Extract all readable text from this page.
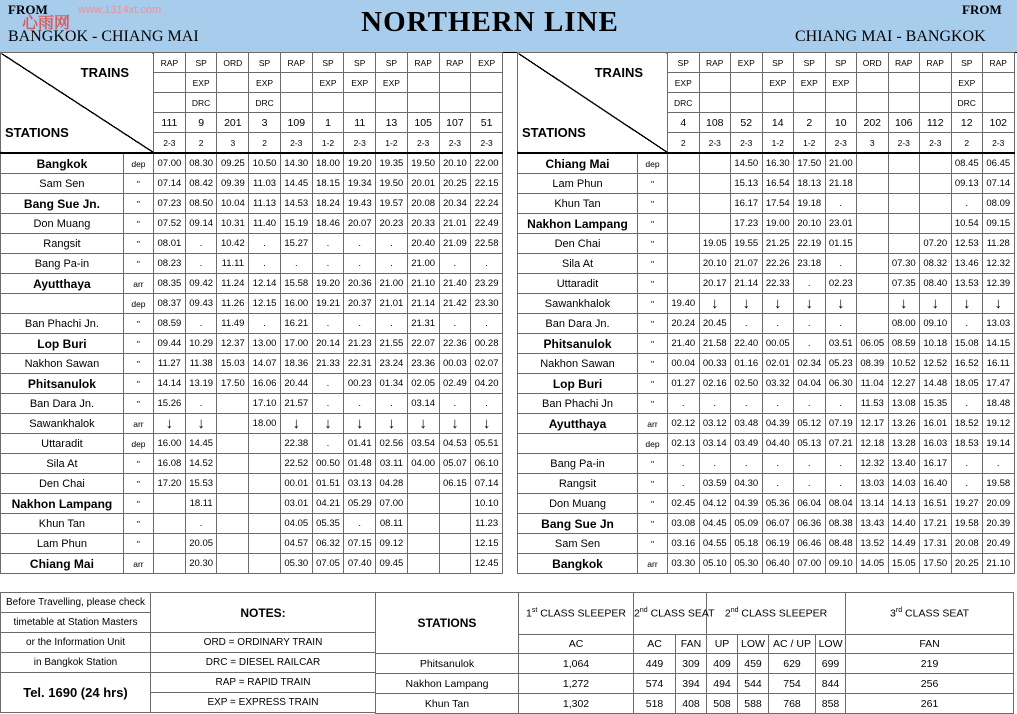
心雨网
www.1314xt.com
FROM	FROM
BANGKOK - CHIANG MAI	CHIANG MAI - BANGKOK
NORTHERN LINE
TRAINS
STATIONS		RAP	SP	ORD	SP	RAP	SP	SP	SP	RAP	RAP	EXP
			EXP		EXP		EXP	EXP	EXP			
			DRC		DRC							
		111	9	201	3	109	1	11	13	105	107	51
		2-3	2	3	2	2-3	1-2	2-3	1-2	2-3	2-3	2-3
Bangkok	dep	07.00	08.30	09.25	10.50	14.30	18.00	19.20	19.35	19.50	20.10	22.00
Sam Sen	"	07.14	08.42	09.39	11.03	14.45	18.15	19.34	19.50	20.01	20.25	22.15
Bang Sue Jn.	"	07.23	08.50	10.04	11.13	14.53	18.24	19.43	19.57	20.08	20.34	22.24
Don Muang	"	07.52	09.14	10.31	11.40	15.19	18.46	20.07	20.23	20.33	21.01	22.49
Rangsit	"	08.01	.	10.42	.	15.27	.	.	.	20.40	21.09	22.58
Bang Pa-in	"	08.23	.	11.11	.	.	.	.	.	21.00	.	.
Ayutthaya	arr	08.35	09.42	11.24	12.14	15.58	19.20	20.36	21.00	21.10	21.40	23.29
	dep	08.37	09.43	11.26	12.15	16.00	19.21	20.37	21.01	21.14	21.42	23.30
Ban Phachi Jn.	"	08.59	.	11.49	.	16.21	.	.	.	21.31	.	.
Lop Buri	"	09.44	10.29	12.37	13.00	17.00	20.14	21.23	21.55	22.07	22.36	00.28
Nakhon Sawan	"	11.27	11.38	15.03	14.07	18.36	21.33	22.31	23.24	23.36	00.03	02.07
Phitsanulok	"	14.14	13.19	17.50	16.06	20.44	.	00.23	01.34	02.05	02.49	04.20
Ban Dara Jn.	"	15.26	.		17.10	21.57	.	.	.	03.14	.	.
Sawankhalok	arr	↓	↓		18.00	↓	↓	↓	↓	↓	↓	↓
Uttaradit	dep	16.00	14.45			22.38	.	01.41	02.56	03.54	04.53	05.51
Sila At	"	16.08	14.52			22.52	00.50	01.48	03.11	04.00	05.07	06.10
Den Chai	"	17.20	15.53			00.01	01.51	03.13	04.28		06.15	07.14
Nakhon Lampang	"		18.11			03.01	04.21	05.29	07.00			10.10
Khun Tan	"		.			04.05	05.35	.	08.11			11.23
Lam Phun	"		20.05			04.57	06.32	07.15	09.12			12.15
Chiang Mai	arr		20.30			05.30	07.05	07.40	09.45			12.45
TRAINS
STATIONS		SP	RAP	EXP	SP	SP	SP	ORD	RAP	RAP	SP	RAP
		EXP			EXP	EXP	EXP				EXP	
		DRC									DRC	
		4	108	52	14	2	10	202	106	112	12	102
		2	2-3	2-3	1-2	1-2	2-3	3	2-3	2-3	2	2-3
Chiang Mai	dep			14.50	16.30	17.50	21.00				08.45	06.45
Lam Phun	"			15.13	16.54	18.13	21.18				09.13	07.14
Khun Tan	"			16.17	17.54	19.18	.				.	08.09
Nakhon Lampang	"			17.23	19.00	20.10	23.01				10.54	09.15
Den Chai	"		19.05	19.55	21.25	22.19	01.15			07.20	12.53	11.28
Sila At	"		20.10	21.07	22.26	23.18	.		07.30	08.32	13.46	12.32
Uttaradit	"		20.17	21.14	22.33	.	02.23		07.35	08.40	13.53	12.39
Sawankhalok	"	19.40	↓	↓	↓	↓	↓		↓	↓	↓	↓
Ban Dara Jn.	"	20.24	20.45	.	.	.	.		08.00	09.10	.	13.03
Phitsanulok	"	21.40	21.58	22.40	00.05	.	03.51	06.05	08.59	10.18	15.08	14.15
Nakhon Sawan	"	00.04	00.33	01.16	02.01	02.34	05.23	08.39	10.52	12.52	16.52	16.11
Lop Buri	"	01.27	02.16	02.50	03.32	04.04	06.30	11.04	12.27	14.48	18.05	17.47
Ban Phachi Jn	"	.	.	.	.	.	.	11.53	13.08	15.35	.	18.48
Ayutthaya	arr	02.12	03.12	03.48	04.39	05.12	07.19	12.17	13.26	16.01	18.52	19.12
	dep	02.13	03.14	03.49	04.40	05.13	07.21	12.18	13.28	16.03	18.53	19.14
Bang Pa-in	"	.	.	.	.	.	.	12.32	13.40	16.17	.	.
Rangsit	"	.	03.59	04.30	.	.	.	13.03	14.03	16.40	.	19.58
Don Muang	"	02.45	04.12	04.39	05.36	06.04	08.04	13.14	14.13	16.51	19.27	20.09
Bang Sue Jn	"	03.08	04.45	05.09	06.07	06.36	08.38	13.43	14.40	17.21	19.58	20.39
Sam Sen	"	03.16	04.55	05.18	06.19	06.46	08.48	13.52	14.49	17.31	20.08	20.49
Bangkok	arr	03.30	05.10	05.30	06.40	07.00	09.10	14.05	15.05	17.50	20.25	21.10
Before Travelling, please check	NOTES:
timetable at Station Masters	
or the Information Unit	ORD = ORDINARY TRAIN
in Bangkok Station	DRC = DIESEL RAILCAR
Tel. 1690 (24 hrs)	RAP = RAPID TRAIN
	EXP = EXPRESS TRAIN
STATIONS	1st CLASS SLEEPER	2nd CLASS SEAT		2nd CLASS SLEEPER				3rd CLASS SEAT
	AC	AC	FAN	UP	LOW	AC / UP	LOW	FAN
Phitsanulok	1,064	449	309	409	459	629	699	219
Nakhon Lampang	1,272	574	394	494	544	754	844	256
Khun Tan	1,302	518	408	508	588	768	858	261
